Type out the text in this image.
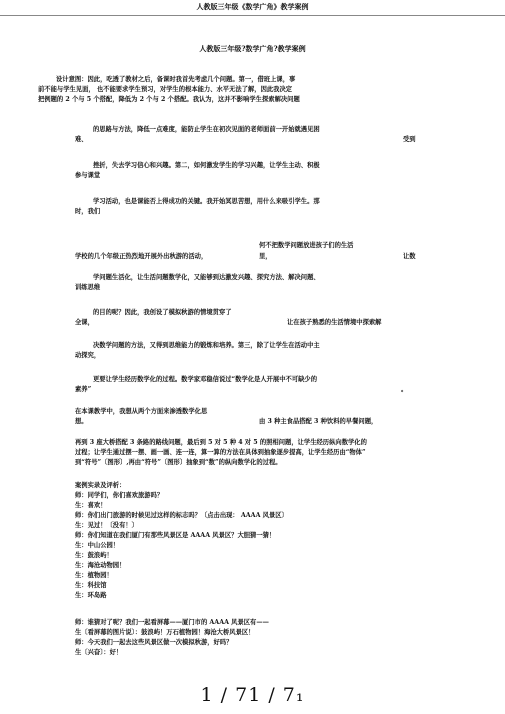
人教版三年级《数学广角》教学案例
人教版三年级?数学广角?教学案例
设计意图：因此，吃透了教材之后，备课时我首先考虑几个问题。第一，借班上课，事
前不能与学生见面， 也不能要求学生预习，对学生的根本能力、水平无法了解，因此我决定
把例题的 2 个与 5 个搭配，降低为 2 个与 2 个搭配。我认为，这并不影响学生探索解决问题
的思路与方法，降低一点难度，能防止学生在初次见面的老师面前一开始就遇见困
难、	受到
挫折，失去学习信心和兴趣。第二，如何激发学生的学习兴趣，让学生主动、积极
参与课堂
学习活动，也是课能否上得成功的关键。我开始冥思苦想，用什么来吸引学生。那
时，我们
何不把数学问题放进孩子们的生活
学校的几个年级正热烈地开展外出秋游的活动，	里，	让数
学问题生活化，让生活问题数学化，又能够到达激发兴趣、探究方法、解决问题、
训练思维
的目的呢？因此，我创设了模拟秋游的情境贯穿了
全课，	让在孩子熟悉的生活情境中探索解
决数学问题的方法，又得到思维能力的锻炼和培养。第三，除了让学生在活动中主
动探究，
更要让学生经历数学化的过程。数学家邓稳信说过“数学化是人开展中不可缺少的
素养”	。
在本课教学中，我想从两个方面来渗透数学化思
想。	由 3 种主食品搭配 3 种饮料的早餐问题，
再到 3 座大桥搭配 3 条路的路线问题，最后到 5 对 5 种 4 对 5 的照相问题，让学生经历纵向数学化的
过程；让学生通过摆一摆、画一画、连一连，算一算的方法在具体到抽象逐步提高，让学生经历由“物体”
到“符号”〔图形〕,再由“符号”〔图形〕抽象到“数”的纵向数学化的过程。
案例实录及评析：
师：同学们，你们喜欢旅游吗？
生：喜欢！
师：你们出门旅游的时候见过这样的标志吗？〔点击出现： AAAA 风景区〕
生：见过！〔没有！〕
师：你们知道在我们厦门有那些风景区是 AAAA 风景区？大胆猜一猜！
生：中山公园！
生：鼓浪屿！
生：海沧动物园！
生：植物园！
生：科技馆
生：环岛路
师：谁猜对了呢？我们一起看屏幕——厦门市的 AAAA 风景区有——
生〔看屏幕的图片说〕：鼓浪屿！万石植物园！海沧大桥风景区！
师：今天我们一起去这些风景区做一次模拟秋游，好吗？
生〔兴奋〕：好！
1 / 71 / 7₁
